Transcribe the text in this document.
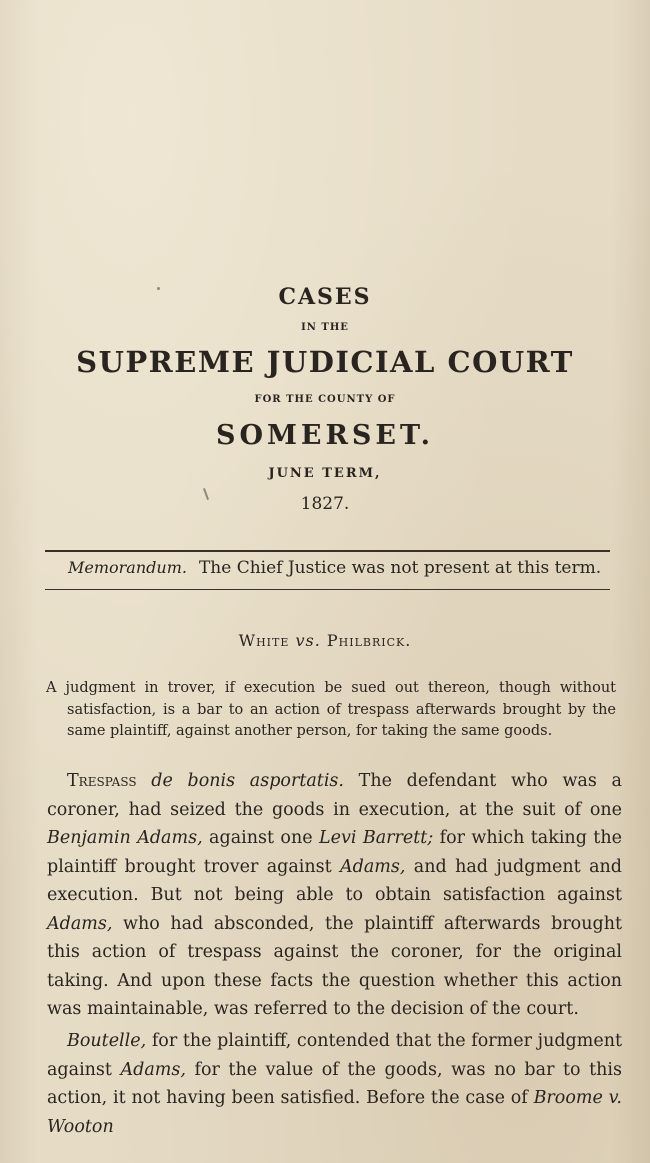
CASES
IN THE
SUPREME JUDICIAL COURT
FOR THE COUNTY OF
SOMERSET.
JUNE TERM,
1827.
Memorandum. The Chief Justice was not present at this term.
White vs. Philbrick.
A judgment in trover, if execution be sued out thereon, though without satisfaction, is a bar to an action of trespass afterwards brought by the same plaintiff, against another person, for taking the same goods.
Trespass de bonis asportatis. The defendant who was a coroner, had seized the goods in execution, at the suit of one Benjamin Adams, against one Levi Barrett; for which taking the plaintiff brought trover against Adams, and had judgment and execution. But not being able to obtain satisfaction against Adams, who had absconded, the plaintiff afterwards brought this action of trespass against the coroner, for the original taking. And upon these facts the question whether this action was maintainable, was referred to the decision of the court.
Boutelle, for the plaintiff, contended that the former judgment against Adams, for the value of the goods, was no bar to this action, it not having been satisfied. Before the case of Broome v. Wooton
